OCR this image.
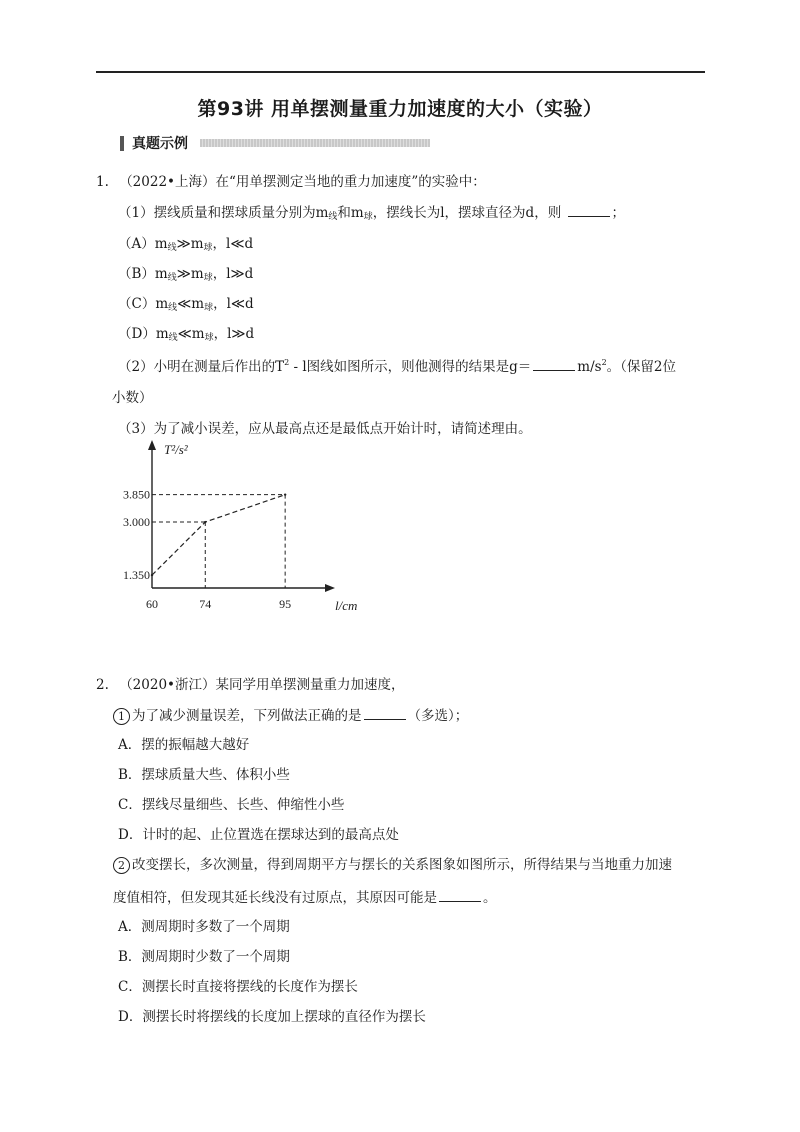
第93讲 用单摆测量重力加速度的大小（实验）
真题示例
1. （2022•上海）在“用单摆测定当地的重力加速度”的实验中：
（1）摆线质量和摆球质量分别为m线和m球，摆线长为l，摆球直径为d，则	；
（A）m线≫m球，l≪d
（B）m线≫m球，l≫d
（C）m线≪m球，l≪d
（D）m线≪m球，l≫d
（2）小明在测量后作出的$T^2$ - l图线如图所示，则他测得的结果是g＝	$m/s^2$。（保留2位
小数）
（3）为了减小误差，应从最高点还是最低点开始计时，请简述理由。
1.350
3.000
3.850
60	74	95
T²/s²
l/cm
2. （2020•浙江）某同学用单摆测量重力加速度，
1 为了减少测量误差，下列做法正确的是	（多选）；
A．摆的振幅越大越好
B．摆球质量大些、体积小些
C．摆线尽量细些、长些、伸缩性小些
D．计时的起、止位置选在摆球达到的最高点处
2 改变摆长，多次测量，得到周期平方与摆长的关系图象如图所示，所得结果与当地重力加速
度值相符，但发现其延长线没有过原点，其原因可能是	。
A．测周期时多数了一个周期
B．测周期时少数了一个周期
C．测摆长时直接将摆线的长度作为摆长
D．测摆长时将摆线的长度加上摆球的直径作为摆长
